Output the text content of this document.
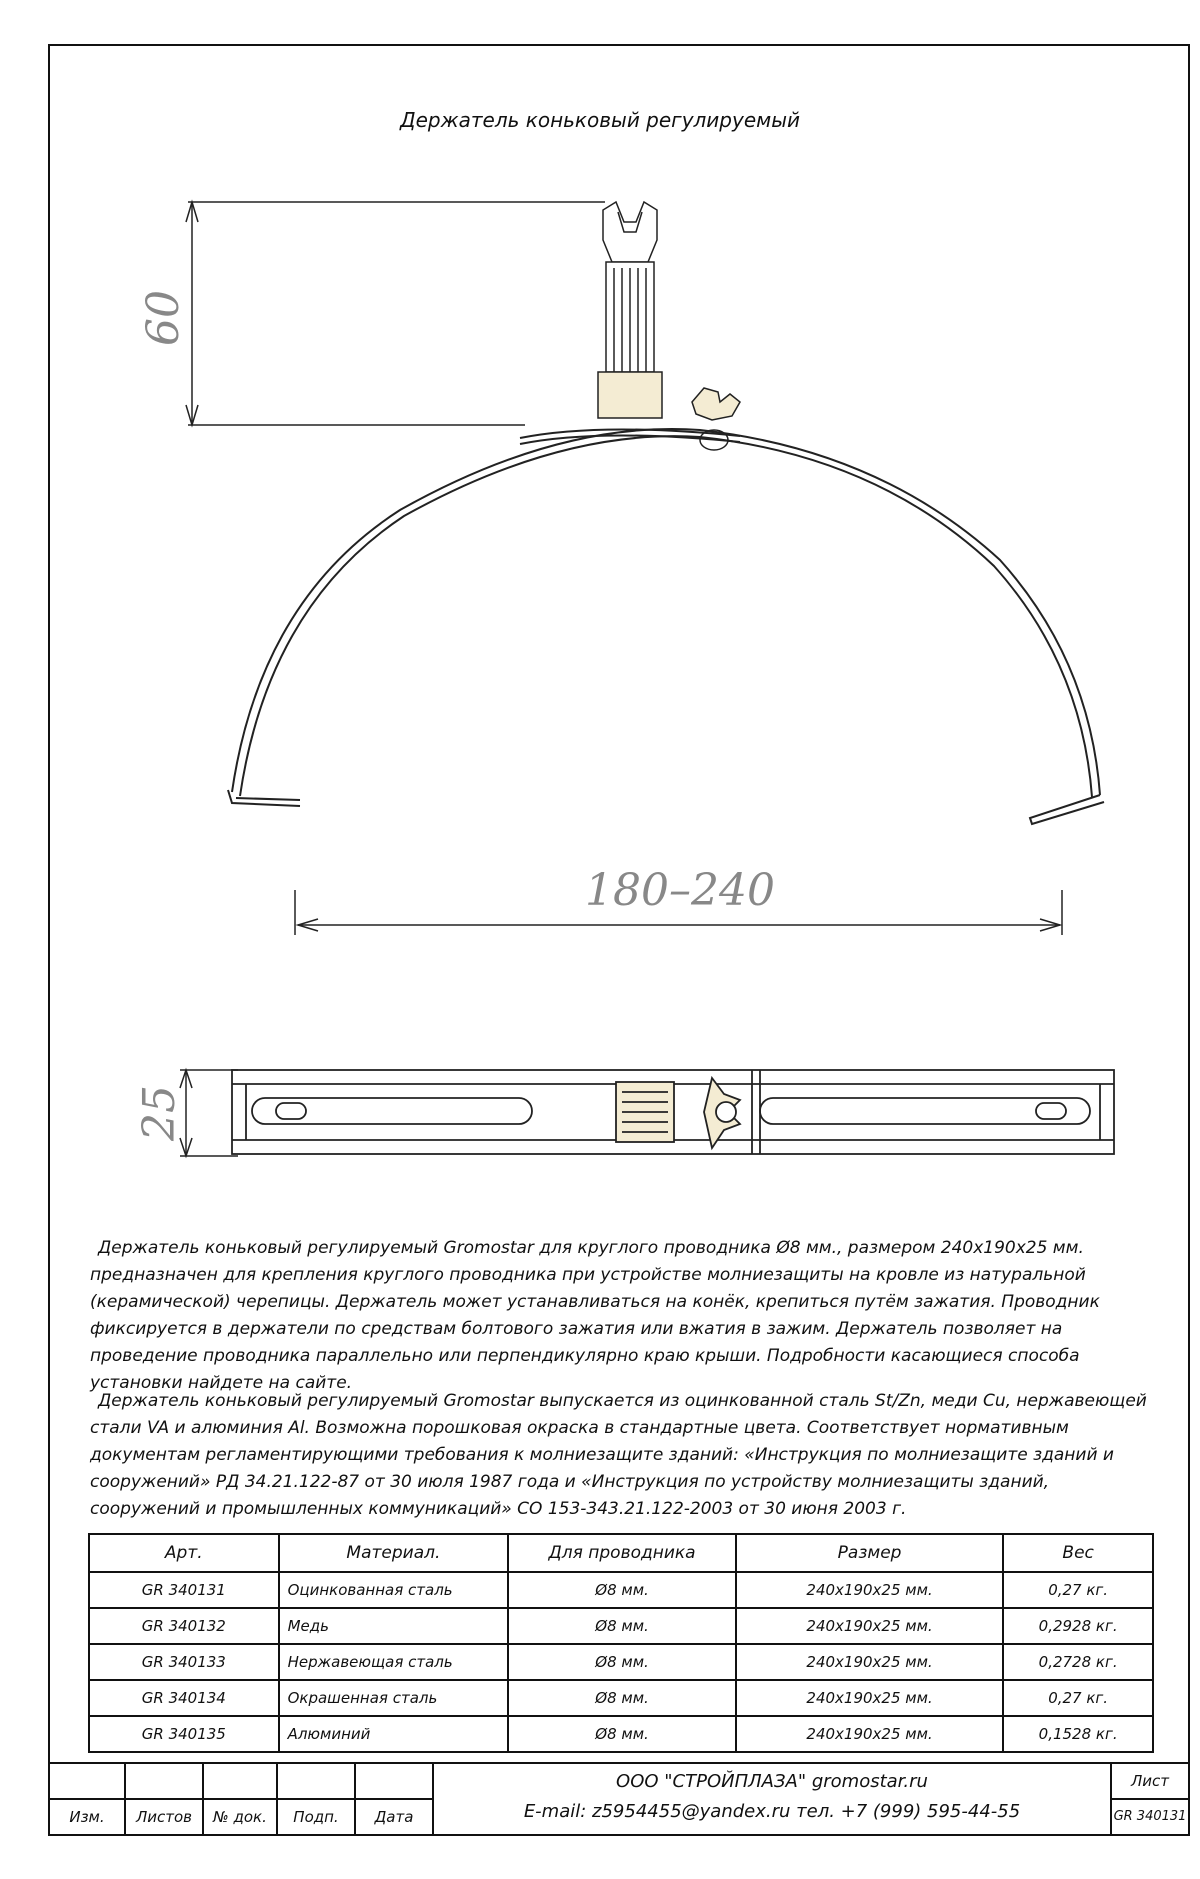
Держатель коньковый регулируемый
60
180–240
25

Держатель коньковый регулируемый Gromostar для круглого проводника Ø8 мм., размером 240х190х25 мм. предназначен для крепления круглого проводника при устройстве молниезащиты на кровле из натуральной (керамической) черепицы. Держатель может устанавливаться на конёк, крепиться путём зажатия. Проводник фиксируется в держатели по средствам болтового зажатия или вжатия в зажим. Держатель позволяет на проведение проводника параллельно или перпендикулярно краю крыши. Подробности касающиеся способа установки найдете на сайте.

Держатель коньковый регулируемый Gromostar выпускается из оцинкованной сталь St/Zn, меди Cu, нержавеющей стали VA и алюминия Al. Возможна порошковая окраска в стандартные цвета. Соответствует нормативным документам регламентирующими требования к молниезащите зданий: «Инструкция по молниезащите зданий и сооружений» РД 34.21.122-87 от 30 июля 1987 года и «Инструкция по устройству молниезащиты зданий, сооружений и промышленных коммуникаций» СО 153-343.21.122-2003 от 30 июня 2003 г.

Арт.	Материал.	Для проводника	Размер	Вес
GR 340131	Оцинкованная сталь	Ø8 мм.	240х190х25 мм.	0,27 кг.
GR 340132	Медь	Ø8 мм.	240х190х25 мм.	0,2928 кг.
GR 340133	Нержавеющая сталь	Ø8 мм.	240х190х25 мм.	0,2728 кг.
GR 340134	Окрашенная сталь	Ø8 мм.	240х190х25 мм.	0,27 кг.
GR 340135	Алюминий	Ø8 мм.	240х190х25 мм.	0,1528 кг.
Изм.	Листов	№ док.	Подп.	Дата
ООО "СТРОЙПЛАЗА" gromostar.ru
E-mail: z5954455@yandex.ru тел. +7 (999) 595-44-55
Лист
GR 340131
